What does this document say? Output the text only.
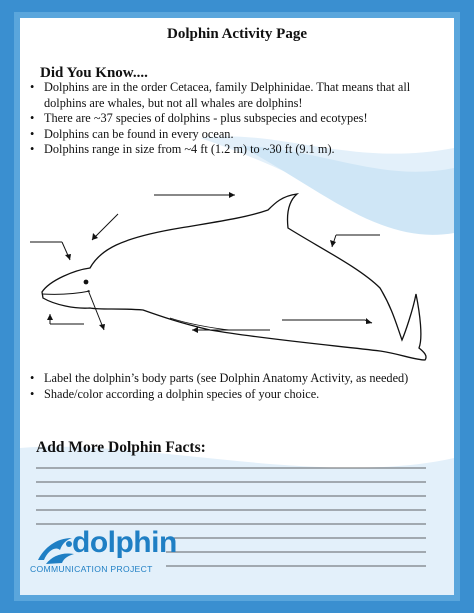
Dolphin Activity Page
Did You Know....
• Dolphins are in the order Cetacea, family Delphinidae. That means that all dolphins are whales, but not all whales are dolphins!
• There are ~37 species of dolphins - plus subspecies and ecotypes!
• Dolphins can be found in every ocean.
• Dolphins range in size from ~4 ft (1.2 m) to ~30 ft (9.1 m).
• Label the dolphin’s body parts (see Dolphin Anatomy Activity, as needed)
• Shade/color according a dolphin species of your choice.
Add More Dolphin Facts:
dolphin
COMMUNICATION PROJECT
